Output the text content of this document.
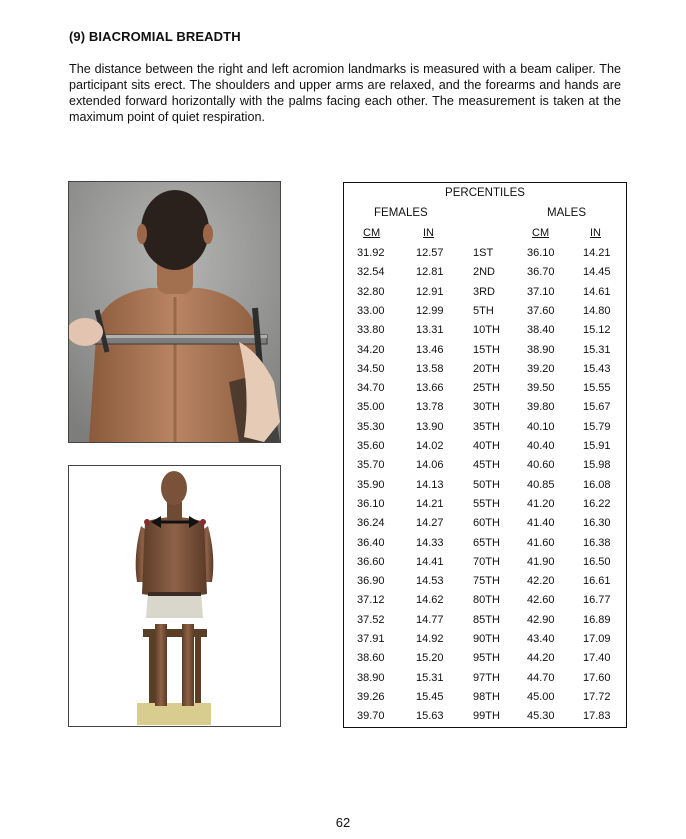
(9) BIACROMIAL BREADTH
The distance between the right and left acromion landmarks is measured with a beam caliper. The participant sits erect. The shoulders and upper arms are relaxed, and the forearms and hands are extended forward horizontally with the palms facing each other. The measurement is taken at the maximum point of quiet respiration.
PERCENTILES
FEMALES	MALES
CM	IN	CM	IN
31.92	12.57	1ST	36.10	14.21
32.54	12.81	2ND	36.70	14.45
32.80	12.91	3RD	37.10	14.61
33.00	12.99	5TH	37.60	14.80
33.80	13.31	10TH 38.40	15.12
34.20	13.46	15TH 38.90	15.31
34.50	13.58	20TH 39.20	15.43
34.70	13.66	25TH 39.50	15.55
35.00	13.78	30TH 39.80	15.67
35.30	13.90	35TH 40.10	15.79
35.60	14.02	40TH 40.40	15.91
35.70	14.06	45TH 40.60	15.98
35.90	14.13	50TH 40.85	16.08
36.10	14.21	55TH 41.20	16.22
36.24	14.27	60TH 41.40	16.30
36.40	14.33	65TH 41.60	16.38
36.60	14.41	70TH 41.90	16.50
36.90	14.53	75TH 42.20	16.61
37.12	14.62	80TH 42.60	16.77
37.52	14.77	85TH 42.90	16.89
37.91	14.92	90TH 43.40	17.09
38.60	15.20	95TH 44.20	17.40
38.90	15.31	97TH 44.70	17.60
39.26	15.45	98TH 45.00	17.72
39.70	15.63	99TH 45.30	17.83
62
